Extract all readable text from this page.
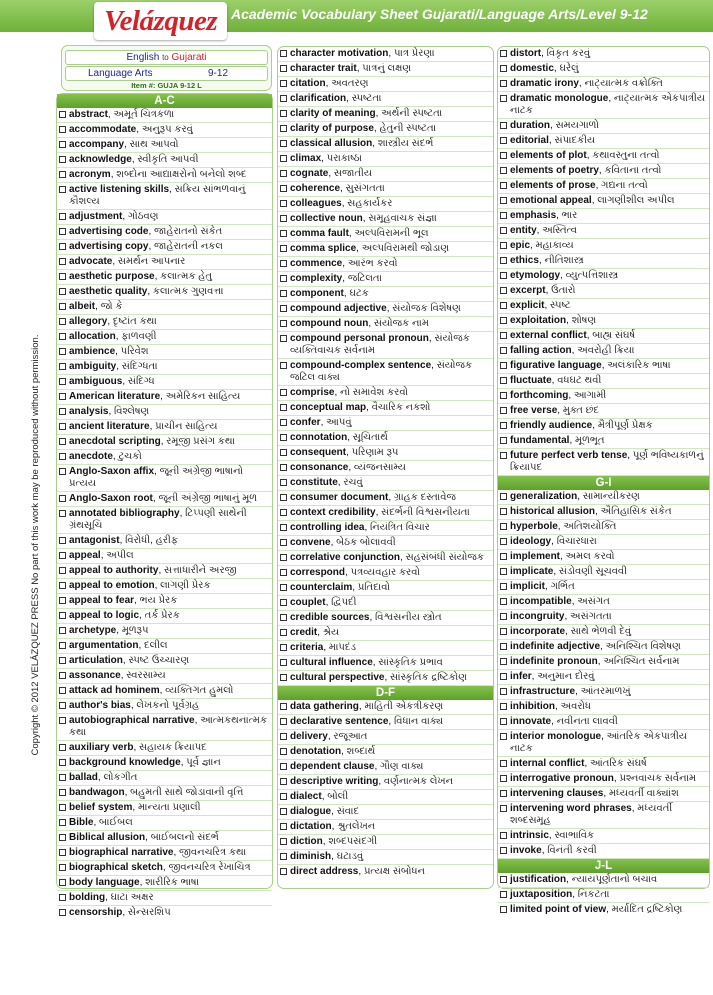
Velázquez Academic Vocabulary Sheet Gujarati/Language Arts/Level 9-12
Copyright © 2012 VELÁZQUEZ PRESS No part of this work may be reproduced without permission.
English to Gujarati
Language Arts	9-12
Item #: GUJA 9-12 L
A-C
abstract, અમૂર્ત ચિત્રકળા
accommodate, અનુરૂપ કરવું
accompany, સાથ આપવો
acknowledge, સ્વીકૃતિ આપવી
acronym, શબ્દોના આદ્યાક્ષરોનો બનેલો શબ્દ
active listening skills, સક્રિય સાંભળવાનું કૌશલ્ય
adjustment, ગોઠવણ
advertising code, જાહેરાતનો સંકેત
advertising copy, જાહેરાતની નકલ
advocate, સમર્થન આપનાર
aesthetic purpose, કલાત્મક હેતુ
aesthetic quality, કલાત્મક ગુણવત્તા
albeit, જો કે
allegory, દૃષ્ટાંત કથા
allocation, ફાળવણી
ambience, પરિવેશ
ambiguity, સંદિગ્ધતા
ambiguous, સંદિગ્ધ
American literature, અમેરિકન સાહિત્ય
analysis, વિશ્લેષણ
ancient literature, પ્રાચીન સાહિત્ય
anecdotal scripting, રમૂજી પ્રસંગ કથા
anecdote, ટુચકો
Anglo-Saxon affix, જૂની અંગ્રેજી ભાષાનો પ્રત્યય
Anglo-Saxon root, જૂની અંગ્રેજી ભાષાનું મૂળ
annotated bibliography, ટિપ્પણી સાથેની ગ્રંથસૂચિ
antagonist, વિરોધી, હરીફ
appeal, અપીલ
appeal to authority, સત્તાધારીને અરજી
appeal to emotion, લાગણી પ્રેરક
appeal to fear, ભય પ્રેરક
appeal to logic, તર્ક પ્રેરક
archetype, મૂળરૂપ
argumentation, દલીલ
articulation, સ્પષ્ટ ઉચ્ચારણ
assonance, સ્વરસામ્ય
attack ad hominem, વ્યક્તિગત હુમલો
author's bias, લેખકનો પૂર્વગ્રહ
autobiographical narrative, આત્મકથનાત્મક કથા
auxiliary verb, સહાયક ક્રિયાપદ
background knowledge, પૂર્વ જ્ઞાન
ballad, લોકગીત
bandwagon, બહુમતી સાથે જોડાવાની વૃત્તિ
belief system, માન્યતા પ્રણાલી
Bible, બાઈબલ
Biblical allusion, બાઈબલનો સંદર્ભ
biographical narrative, જીવનચરિત્ર કથા
biographical sketch, જીવનચરિત્ર રેખાચિત્ર
body language, શારીરિક ભાષા
bolding, ઘાટા અક્ષર
censorship, સેન્સરશિપ
character motivation, પાત્ર પ્રેરણા
character trait, પાત્રનું લક્ષણ
citation, અવતરણ
clarification, સ્પષ્ટતા
clarity of meaning, અર્થની સ્પષ્ટતા
clarity of purpose, હેતુની સ્પષ્ટતા
classical allusion, શાસ્ત્રીય સંદર્ભ
climax, પરાકાષ્ઠા
cognate, સજાતીય
coherence, સુસંગતતા
colleagues, સહકાર્યકર
collective noun, સમૂહવાચક સંજ્ઞા
comma fault, અલ્પવિરામની ભૂલ
comma splice, અલ્પવિરામથી જોડાણ
commence, આરંભ કરવો
complexity, જટિલતા
component, ઘટક
compound adjective, સંયોજક વિશેષણ
compound noun, સંયોજક નામ
compound personal pronoun, સંયોજક વ્યક્તિવાચક સર્વનામ
compound-complex sentence, સંયોજક જટિલ વાક્ય
comprise, નો સમાવેશ કરવો
conceptual map, વૈચારિક નકશો
confer, આપવું
connotation, સૂચિતાર્થ
consequent, પરિણામ રૂપ
consonance, વ્યંજનસામ્ય
constitute, રચવું
consumer document, ગ્રાહક દસ્તાવેજ
context credibility, સંદર્ભની વિશ્વસનીયતા
controlling idea, નિયંત્રિત વિચાર
convene, બેઠક બોલાવવી
correlative conjunction, સહસંબંધી સંયોજક
correspond, પત્રવ્યવહાર કરવો
counterclaim, પ્રતિદાવો
couplet, દ્વિપદી
credible sources, વિશ્વસનીય સ્ત્રોત
credit, શ્રેય
criteria, માપદંડ
cultural influence, સાંસ્કૃતિક પ્રભાવ
cultural perspective, સાંસ્કૃતિક દ્રષ્ટિકોણ
D-F
data gathering, માહિતી એકત્રીકરણ
declarative sentence, વિધાન વાક્ય
delivery, રજૂઆત
denotation, શબ્દાર્થ
dependent clause, ગૌણ વાક્ય
descriptive writing, વર્ણનાત્મક લેખન
dialect, બોલી
dialogue, સંવાદ
dictation, શ્રુતલેખન
diction, શબ્દપસંદગી
diminish, ઘટાડવું
direct address, પ્રત્યક્ષ સંબોધન
distort, વિકૃત કરવું
domestic, ઘરેલું
dramatic irony, નાટ્યાત્મક વક્રોક્તિ
dramatic monologue, નાટ્યાત્મક એકપાત્રીય નાટક
duration, સમયગાળો
editorial, સંપાદકીય
elements of plot, કથાવસ્તુના તત્વો
elements of poetry, કવિતાના તત્વો
elements of prose, ગદ્યના તત્વો
emotional appeal, લાગણીશીલ અપીલ
emphasis, ભાર
entity, અસ્તિત્વ
epic, મહાકાવ્ય
ethics, નીતિશાસ્ત્ર
etymology, વ્યુત્પત્તિશાસ્ત્ર
excerpt, ઉતારો
explicit, સ્પષ્ટ
exploitation, શોષણ
external conflict, બાહ્ય સંઘર્ષ
falling action, અવરોહી ક્રિયા
figurative language, અલંકારિક ભાષા
fluctuate, વધઘટ થવી
forthcoming, આગામી
free verse, મુક્ત છંદ
friendly audience, મૈત્રીપૂર્ણ પ્રેક્ષક
fundamental, મૂળભૂત
future perfect verb tense, પૂર્ણ ભવિષ્યકાળનું ક્રિયાપદ
G-I
generalization, સામાન્યીકરણ
historical allusion, ઐતિહાસિક સંકેત
hyperbole, અતિશયોક્તિ
ideology, વિચારધારા
implement, અમલ કરવો
implicate, સંડોવણી સૂચવવી
implicit, ગર્ભિત
incompatible, અસંગત
incongruity, અસંગતતા
incorporate, સાથે ભેળવી દેવું
indefinite adjective, અનિશ્ચિત વિશેષણ
indefinite pronoun, અનિશ્ચિત સર્વનામ
infer, અનુમાન દોરવું
infrastructure, આંતરમાળખું
inhibition, અવરોધ
innovate, નવીનતા લાવવી
interior monologue, આંતરિક એકપાત્રીય નાટક
internal conflict, આંતરિક સંઘર્ષ
interrogative pronoun, પ્રશ્નવાચક સર્વનામ
intervening clauses, મધ્યવર્તી વાક્યાંશ
intervening word phrases, મધ્યવર્તી શબ્દસમૂહ
intrinsic, સ્વાભાવિક
invoke, વિનંતી કરવી
J-L
justification, ન્યાયપૂર્ણતાનો બચાવ
juxtaposition, નિકટતા
limited point of view, મર્યાદિત દ્રષ્ટિકોણ
